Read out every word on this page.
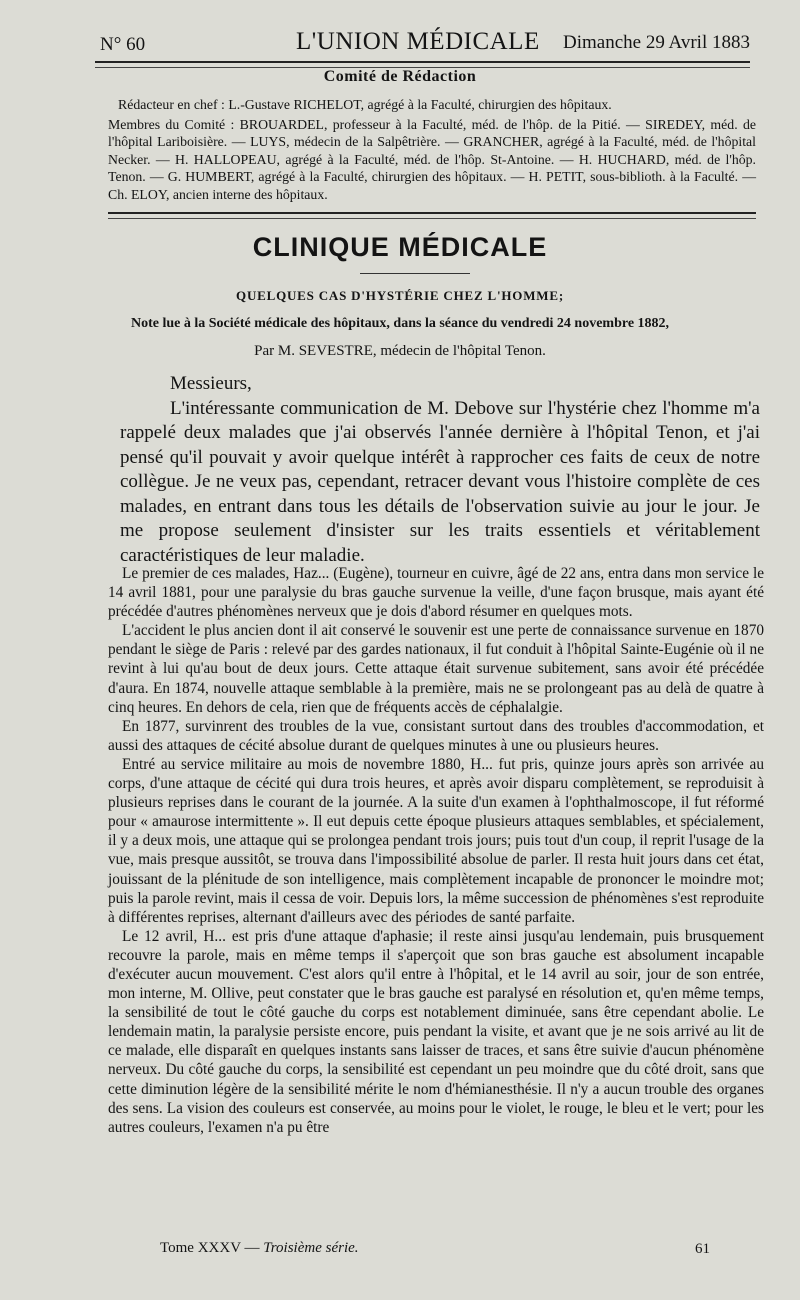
N° 60	L'UNION MÉDICALE Dimanche 29 Avril 1883
Comité de Rédaction

Rédacteur en chef : L.-Gustave RICHELOT, agrégé à la Faculté, chirurgien des hôpitaux.

Membres du Comité : BROUARDEL, professeur à la Faculté, méd. de l'hôp. de la Pitié. — SIREDEY, méd. de l'hôpital Lariboisière. — LUYS, médecin de la Salpêtrière. — GRANCHER, agrégé à la Faculté, méd. de l'hôpital Necker. — H. HALLOPEAU, agrégé à la Faculté, méd. de l'hôp. St-Antoine. — H. HUCHARD, méd. de l'hôp. Tenon. — G. HUMBERT, agrégé à la Faculté, chirurgien des hôpitaux. — H. PETIT, sous-biblioth. à la Faculté. — Ch. ELOY, ancien interne des hôpitaux.

CLINIQUE MÉDICALE
QUELQUES CAS D'HYSTÉRIE CHEZ L'HOMME;
Note lue à la Société médicale des hôpitaux, dans la séance du vendredi 24 novembre 1882,
Par M. SEVESTRE, médecin de l'hôpital Tenon.

Messieurs,

L'intéressante communication de M. Debove sur l'hystérie chez l'homme m'a rappelé deux malades que j'ai observés l'année dernière à l'hôpital Tenon, et j'ai pensé qu'il pouvait y avoir quelque intérêt à rapprocher ces faits de ceux de notre collègue. Je ne veux pas, cependant, retracer devant vous l'histoire complète de ces malades, en entrant dans tous les détails de l'observation suivie au jour le jour. Je me propose seulement d'insister sur les traits essentiels et véritablement caractéristiques de leur maladie.

Le premier de ces malades, Haz... (Eugène), tourneur en cuivre, âgé de 22 ans, entra dans mon service le 14 avril 1881, pour une paralysie du bras gauche survenue la veille, d'une façon brusque, mais ayant été précédée d'autres phénomènes nerveux que je dois d'abord résumer en quelques mots.

L'accident le plus ancien dont il ait conservé le souvenir est une perte de connaissance survenue en 1870 pendant le siège de Paris : relevé par des gardes nationaux, il fut conduit à l'hôpital Sainte-Eugénie où il ne revint à lui qu'au bout de deux jours. Cette attaque était survenue subitement, sans avoir été précédée d'aura. En 1874, nouvelle attaque semblable à la première, mais ne se prolongeant pas au delà de quatre à cinq heures. En dehors de cela, rien que de fréquents accès de céphalalgie.

En 1877, survinrent des troubles de la vue, consistant surtout dans des troubles d'accommodation, et aussi des attaques de cécité absolue durant de quelques minutes à une ou plusieurs heures.

Entré au service militaire au mois de novembre 1880, H... fut pris, quinze jours après son arrivée au corps, d'une attaque de cécité qui dura trois heures, et après avoir disparu complètement, se reproduisit à plusieurs reprises dans le courant de la journée. A la suite d'un examen à l'ophthalmoscope, il fut réformé pour « amaurose intermittente ». Il eut depuis cette époque plusieurs attaques semblables, et spécialement, il y a deux mois, une attaque qui se prolongea pendant trois jours; puis tout d'un coup, il reprit l'usage de la vue, mais presque aussitôt, se trouva dans l'impossibilité absolue de parler. Il resta huit jours dans cet état, jouissant de la plénitude de son intelligence, mais complètement incapable de prononcer le moindre mot; puis la parole revint, mais il cessa de voir. Depuis lors, la même succession de phénomènes s'est reproduite à différentes reprises, alternant d'ailleurs avec des périodes de santé parfaite.

Le 12 avril, H... est pris d'une attaque d'aphasie; il reste ainsi jusqu'au lendemain, puis brusquement recouvre la parole, mais en même temps il s'aperçoit que son bras gauche est absolument incapable d'exécuter aucun mouvement. C'est alors qu'il entre à l'hôpital, et le 14 avril au soir, jour de son entrée, mon interne, M. Ollive, peut constater que le bras gauche est paralysé en résolution et, qu'en même temps, la sensibilité de tout le côté gauche du corps est notablement diminuée, sans être cependant abolie. Le lendemain matin, la paralysie persiste encore, puis pendant la visite, et avant que je ne sois arrivé au lit de ce malade, elle disparaît en quelques instants sans laisser de traces, et sans être suivie d'aucun phénomène nerveux. Du côté gauche du corps, la sensibilité est cependant un peu moindre que du côté droit, sans que cette diminution légère de la sensibilité mérite le nom d'hémianesthésie. Il n'y a aucun trouble des organes des sens. La vision des couleurs est conservée, au moins pour le violet, le rouge, le bleu et le vert; pour les autres couleurs, l'examen n'a pu être

Tome XXXV — Troisième série.	61
